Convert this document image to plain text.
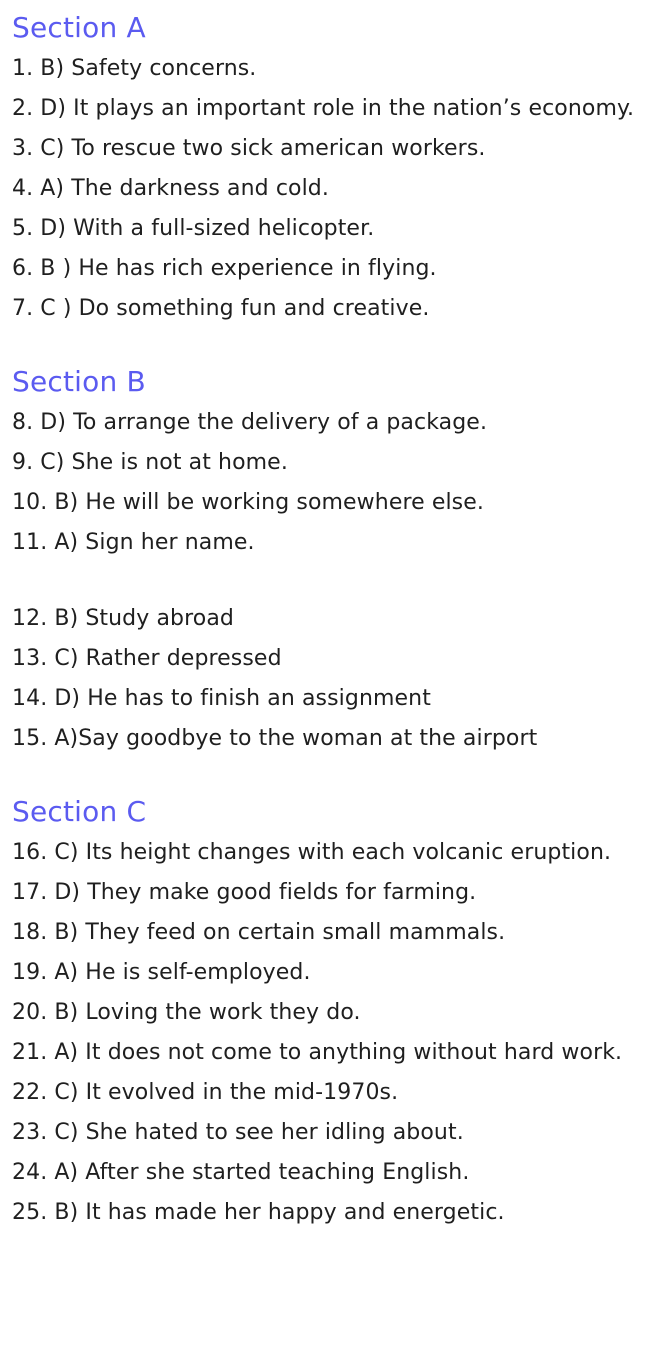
Section A

1. B) Safety concerns.

2. D) It plays an important role in the nation’s economy.

3. C) To rescue two sick american workers.

4. A) The darkness and cold.

5. D) With a full-sized helicopter.

6. B ) He has rich experience in flying.

7. C ) Do something fun and creative.

Section B

8. D) To arrange the delivery of a package.

9. C) She is not at home.

10. B) He will be working somewhere else.

11. A) Sign her name.

12. B) Study abroad

13. C) Rather depressed

14. D) He has to finish an assignment

15. A)Say goodbye to the woman at the airport

Section C

16. C) Its height changes with each volcanic eruption.

17. D) They make good fields for farming.

18. B) They feed on certain small mammals.

19. A) He is self-employed.

20. B) Loving the work they do.

21. A) It does not come to anything without hard work.

22. C) It evolved in the mid-1970s.

23. C) She hated to see her idling about.

24. A) After she started teaching English.

25. B) It has made her happy and energetic.
